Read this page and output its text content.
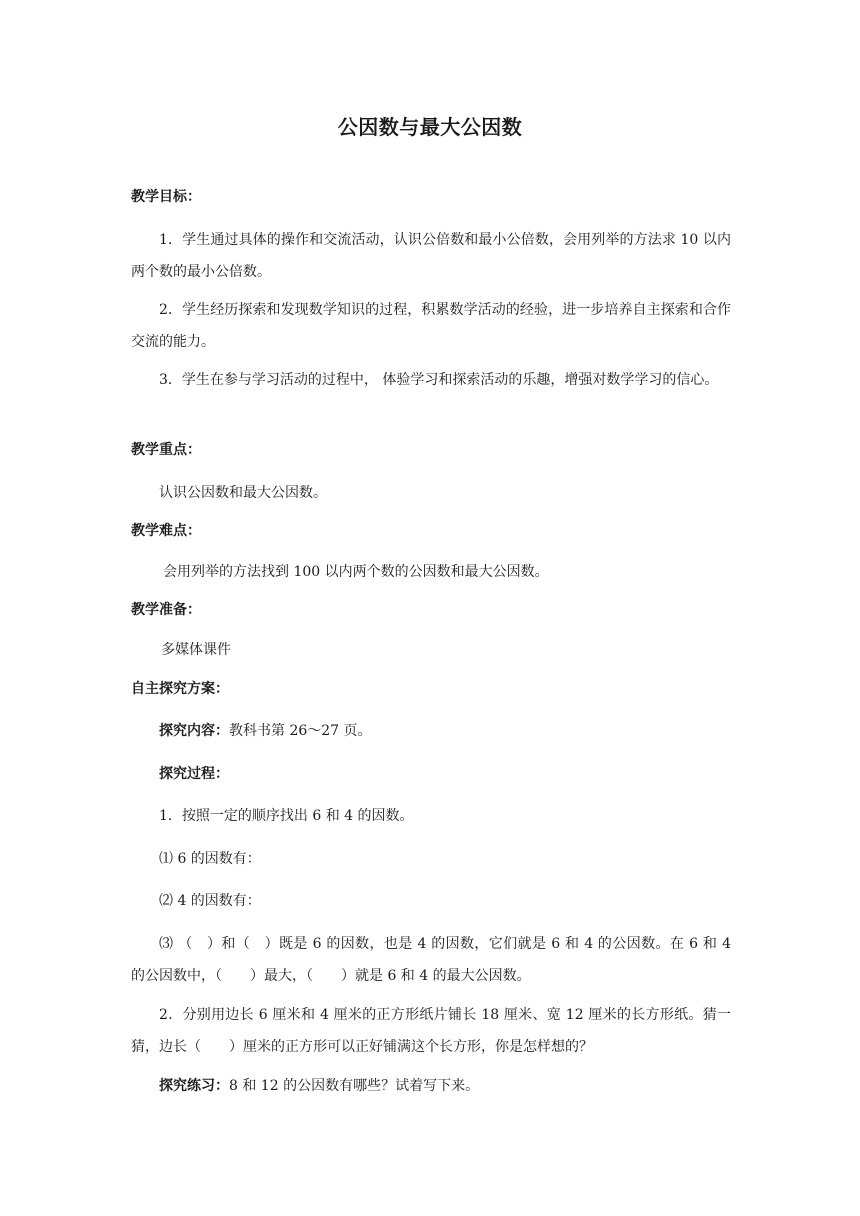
公因数与最大公因数
教学目标：
1．学生通过具体的操作和交流活动，认识公倍数和最小公倍数，会用列举的方法求 10 以内两个数的最小公倍数。
2．学生经历探索和发现数学知识的过程，积累数学活动的经验，进一步培养自主探索和合作交流的能力。
3．学生在参与学习活动的过程中， 体验学习和探索活动的乐趣，增强对数学学习的信心。
教学重点：
认识公因数和最大公因数。
教学难点：
会用列举的方法找到 100 以内两个数的公因数和最大公因数。
教学准备：
多媒体课件
自主探究方案：
探究内容：教科书第 26～27 页。
探究过程：
1．按照一定的顺序找出 6 和 4 的因数。
⑴ 6 的因数有：
⑵ 4 的因数有：
⑶ （　）和（　）既是 6 的因数，也是 4 的因数，它们就是 6 和 4 的公因数。在 6 和 4 的公因数中，（　　）最大，（　　）就是 6 和 4 的最大公因数。
2．分别用边长 6 厘米和 4 厘米的正方形纸片铺长 18 厘米、宽 12 厘米的长方形纸。猜一猜，边长（　　）厘米的正方形可以正好铺满这个长方形，你是怎样想的？
探究练习：8 和 12 的公因数有哪些？试着写下来。
